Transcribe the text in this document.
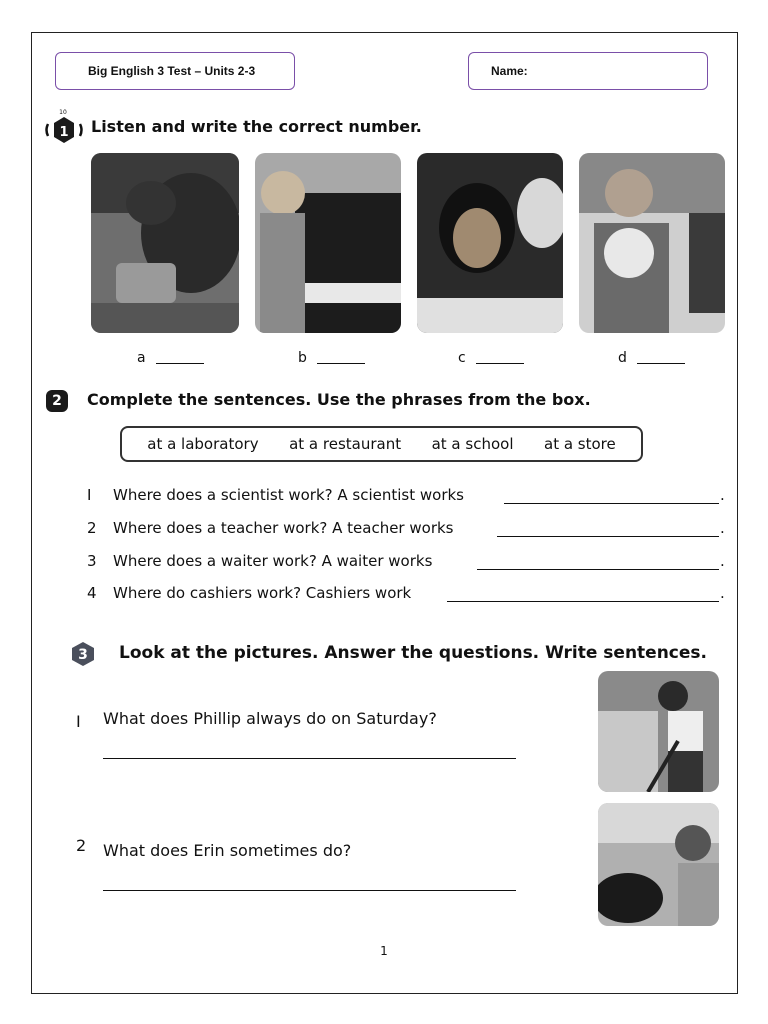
Big English 3 Test – Units 2-3	Name:
1
10
Listen and write the correct number.
a	b	c	d
2	Complete the sentences. Use the phrases from the box.
at a laboratory at a restaurant at a school at a store
I Where does a scientist work? A scientist works	.
2 Where does a teacher work? A teacher works	.
3 Where does a waiter work? A waiter works	.
4 Where do cashiers work? Cashiers work	.
3 Look at the pictures. Answer the questions. Write sentences.
I What does Phillip always do on Saturday?
2 What does Erin sometimes do?
1
